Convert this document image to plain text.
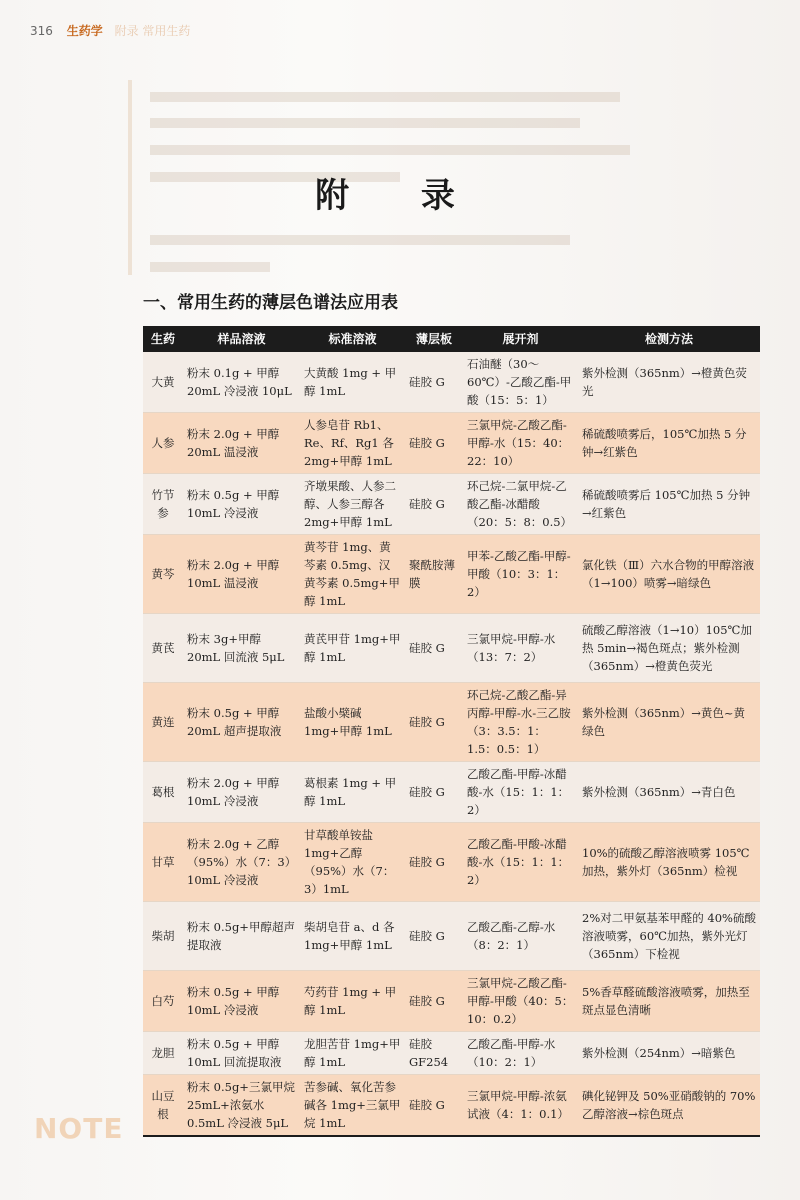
316 生药学 附录 常用生药
附 录
一、常用生药的薄层色谱法应用表
生药	样品溶液	标准溶液	薄层板	展开剂	检测方法
大黄	粉末 0.1g + 甲醇 20mL 冷浸液 10μL	大黄酸 1mg + 甲醇 1mL	硅胶 G	石油醚（30～60℃）-乙酸乙酯-甲酸（15：5：1）	紫外检测（365nm）→橙黄色荧光
人参	粉末 2.0g + 甲醇 20mL 温浸液	人参皂苷 Rb1、Re、Rf、Rg1 各 2mg+甲醇 1mL	硅胶 G	三氯甲烷-乙酸乙酯-甲醇-水（15：40：22：10）	稀硫酸喷雾后，105℃加热 5 分钟→红紫色
竹节参	粉末 0.5g + 甲醇 10mL 冷浸液	齐墩果酸、人参二醇、人参三醇各 2mg+甲醇 1mL	硅胶 G	环己烷-二氯甲烷-乙酸乙酯-冰醋酸（20：5：8：0.5）	稀硫酸喷雾后 105℃加热 5 分钟→红紫色
黄芩	粉末 2.0g + 甲醇 10mL 温浸液	黄芩苷 1mg、黄芩素 0.5mg、汉黄芩素 0.5mg+甲醇 1mL	聚酰胺薄膜	甲苯-乙酸乙酯-甲醇-甲酸（10：3：1：2）	氯化铁（Ⅲ）六水合物的甲醇溶液（1→100）喷雾→暗绿色
黄芪	粉末 3g+甲醇 20mL 回流液 5μL	黄芪甲苷 1mg+甲醇 1mL	硅胶 G	三氯甲烷-甲醇-水（13：7：2）	硫酸乙醇溶液（1→10）105℃加热 5min→褐色斑点；紫外检测（365nm）→橙黄色荧光
黄连	粉末 0.5g + 甲醇 20mL 超声提取液	盐酸小檗碱 1mg+甲醇 1mL	硅胶 G	环己烷-乙酸乙酯-异丙醇-甲醇-水-三乙胺（3：3.5：1：1.5：0.5：1）	紫外检测（365nm）→黄色~黄绿色
葛根	粉末 2.0g + 甲醇 10mL 冷浸液	葛根素 1mg + 甲醇 1mL	硅胶 G	乙酸乙酯-甲醇-冰醋酸-水（15：1：1：2）	紫外检测（365nm）→青白色
甘草	粉末 2.0g + 乙醇（95%）水（7：3）10mL 冷浸液	甘草酸单铵盐 1mg+乙醇（95%）水（7：3）1mL	硅胶 G	乙酸乙酯-甲酸-冰醋酸-水（15：1：1：2）	10%的硫酸乙醇溶液喷雾 105℃加热，紫外灯（365nm）检视
柴胡	粉末 0.5g+甲醇超声提取液	柴胡皂苷 a、d 各 1mg+甲醇 1mL	硅胶 G	乙酸乙酯-乙醇-水（8：2：1）	2%对二甲氨基苯甲醛的 40%硫酸溶液喷雾，60℃加热，紫外光灯（365nm）下检视
白芍	粉末 0.5g + 甲醇 10mL 冷浸液	芍药苷 1mg + 甲醇 1mL	硅胶 G	三氯甲烷-乙酸乙酯-甲醇-甲酸（40：5：10：0.2）	5%香草醛硫酸溶液喷雾，加热至斑点显色清晰
龙胆	粉末 0.5g + 甲醇 10mL 回流提取液	龙胆苦苷 1mg+甲醇 1mL	硅胶 GF254	乙酸乙酯-甲醇-水（10：2：1）	紫外检测（254nm）→暗紫色
山豆根	粉末 0.5g+三氯甲烷 25mL+浓氨水 0.5mL 冷浸液 5μL	苦参碱、氧化苦参碱各 1mg+三氯甲烷 1mL	硅胶 G	三氯甲烷-甲醇-浓氨试液（4：1：0.1）	碘化铋钾及 50%亚硝酸钠的 70%乙醇溶液→棕色斑点
NOTE
